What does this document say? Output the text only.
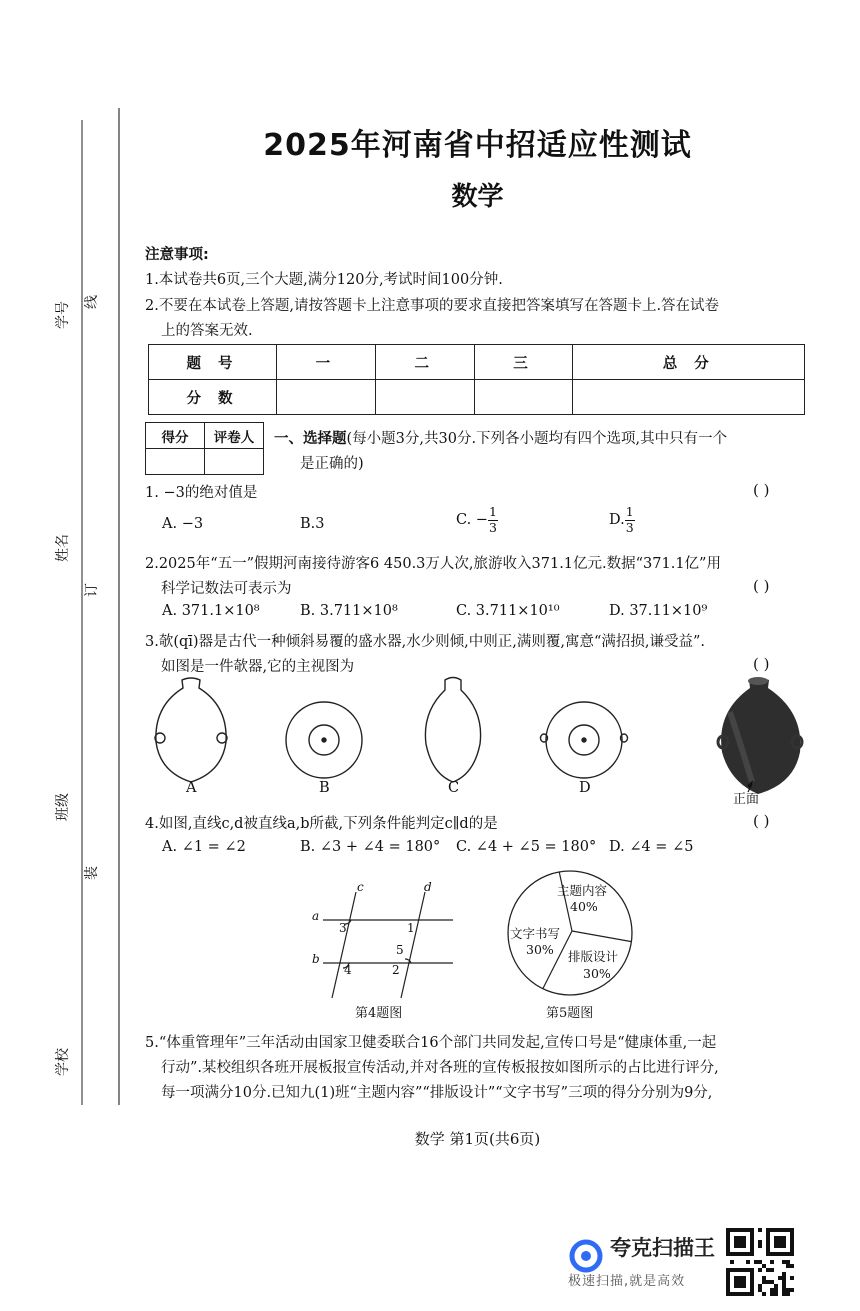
学号 线
姓名
订
班级
装
学校
2025年河南省中招适应性测试
数学
注意事项:
1.本试卷共6页,三个大题,满分120分,考试时间100分钟.
2.不要在本试卷上答题,请按答题卡上注意事项的要求直接把答案填写在答题卡上.答在试卷
上的答案无效.
题 号	一	二	三	总 分
分 数				
得分	评卷人
	一、选择题(每小题3分,共30分.下列各小题均有四个选项,其中只有一个
是正确的)
1. −3的绝对值是	( )
A. −3	B.3	C. − $\frac{1}{3}$	D. $\frac{1}{3}$
2.2025年“五一”假期河南接待游客6 450.3万人次,旅游收入371.1亿元.数据“371.1亿”用
科学记数法可表示为	( )
A. 371.1×10⁸	B. 3.711×10⁸	C. 3.711×10¹⁰	D. 37.11×10⁹
3.欹(qī)器是古代一种倾斜易覆的盛水器,水少则倾,中则正,满则覆,寓意“满招损,谦受益”.
如图是一件欹器,它的主视图为	( )
A	B	C	D
正面
4.如图,直线c,d被直线a,b所截,下列条件能判定c∥d的是	( )
A. ∠1 = ∠2	B. ∠3 + ∠4 = 180° C. ∠4 + ∠5 = 180° D. ∠4 = ∠5
a
b
c	d
1
2
3
4
5
第4题图
主题内容
40%
排版设计
30%
文字书写
30%
第5题图
5.“体重管理年”三年活动由国家卫健委联合16个部门共同发起,宣传口号是“健康体重,一起
行动”.某校组织各班开展板报宣传活动,并对各班的宣传板报按如图所示的占比进行评分,
每一项满分10分.已知九(1)班“主题内容”“排版设计”“文字书写”三项的得分分别为9分,
数学 第1页(共6页)
夸克扫描王
极速扫描,就是高效
